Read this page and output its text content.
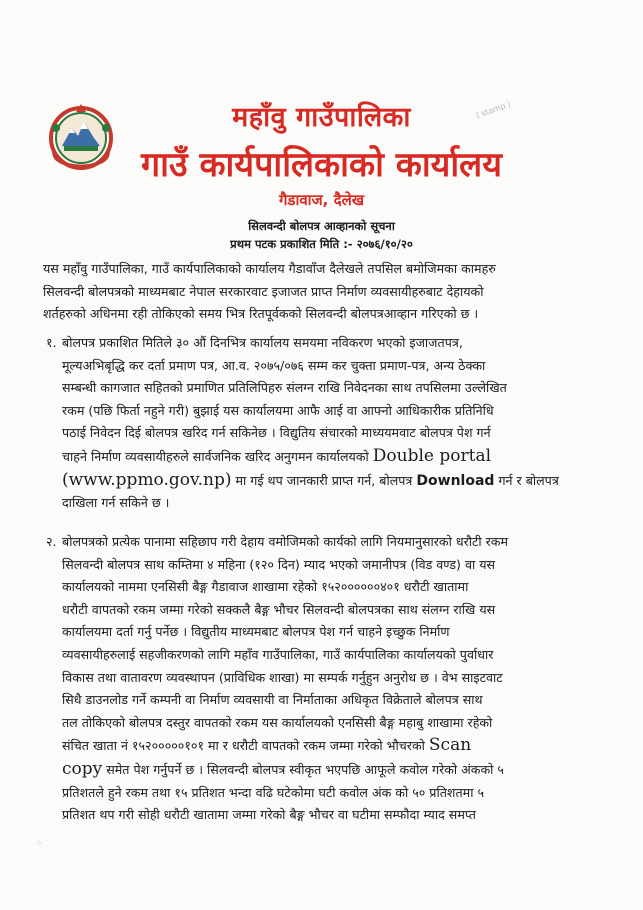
⟨ stamp ⟩
महाँवु गाउँपालिका
गाउँ कार्यपालिकाको कार्यालय
गैडावाज, दैलेख
सिलवन्दी बोलपत्र आव्हानको सूचना
प्रथम पटक प्रकाशित मिति :- २०७६/१०/२०
यस महाँवु गाउँपालिका, गाउँ कार्यपालिकाको कार्यालय गैडावाँज दैलेखले तपसिल बमोजिमका कामहरु
सिलवन्दी बोलपत्रको माध्यमबाट नेपाल सरकारवाट इजाजत प्राप्त निर्माण व्यवसायीहरुबाट देहायको
शर्तहरुको अधिनमा रही तोकिएको समय भित्र रितपूर्वकको सिलवन्दी बोलपत्रआव्हान गरिएको छ ।
१. बोलपत्र प्रकाशित मितिले ३० औं दिनभित्र कार्यालय समयमा नविकरण भएको इजाजतपत्र,
मूल्यअभिबृद्धि कर दर्ता प्रमाण पत्र, आ.व. २०७५/०७६ सम्म कर चुक्ता प्रमाण-पत्र, अन्य ठेक्का
सम्बन्धी कागजात सहितको प्रमाणित प्रतिलिपिहरु संलग्न राखि निवेदनका साथ तपसिलमा उल्लेखित
रकम (पछि फिर्ता नहुने गरी) बुझाई यस कार्यालयमा आफै आई वा आफ्नो आधिकारीक प्रतिनिधि
पठाई निवेदन दिई बोलपत्र खरिद गर्न सकिनेछ । विद्युतिय संचारको माध्ययमवाट बोलपत्र पेश गर्न
चाहने निर्माण व्यवसायीहरुले सार्वजनिक खरिद अनुगमन कार्यालयको Double portal
(www.ppmo.gov.np) मा गई थप जानकारी प्राप्त गर्न, बोलपत्र Download गर्न र बोलपत्र
दाखिला गर्न सकिने छ ।
२. बोलपत्रको प्रत्येक पानामा सहिछाप गरी देहाय वमोजिमको कार्यको लागि नियमानुसारको धरौटी रकम
सिलवन्दी बोलपत्र साथ कम्तिमा ४ महिना (१२० दिन) म्याद भएको जमानीपत्र (विड वण्ड) वा यस
कार्यालयको नाममा एनसिसी बैङ्ग गैडावाज शाखामा रहेको १५२००००००४०१ धरौटी खातामा
धरौटी वापतको रकम जम्मा गरेको सक्कलै बैङ्ग भौचर सिलवन्दी बोलपत्रका साथ संलग्न राखि यस
कार्यालयमा दर्ता गर्नु पर्नेछ । विद्युतीय माध्यमबाट बोलपत्र पेश गर्न चाहने इच्छुक निर्माण
व्यवसायीहरुलाई सहजीकरणको लागि महाँव गाउँपालिका, गाउँ कार्यपालिका कार्यालयको पुर्वाधार
विकास तथा वातावरण व्यवस्थापन (प्राविधिक शाखा) मा सम्पर्क गर्नुहुन अनुरोध छ । वेभ साइटवाट
सिधै डाउनलोड गर्ने कम्पनी वा निर्माण व्यवसायी वा निर्माताका अधिकृत विक्रेताले बोलपत्र साथ
तल तोकिएको बोलपत्र दस्तुर वापतको रकम यस कार्यालयको एनसिसी बैङ्ग महाबु शाखामा रहेको
संचित खाता नं १५२०००००१०१ मा र धरौटी वापतको रकम जम्मा गरेको भौचरको Scan
copy समेत पेश गर्नुपर्ने छ । सिलवन्दी बोलपत्र स्वीकृत भएपछि आफूले कवोल गरेको अंकको ५
प्रतिशतले हुने रकम तथा १५ प्रतिशत भन्दा वढि घटेकोमा घटी कवोल अंक को ५० प्रतिशतमा ५
प्रतिशत थप गरी सोही धरौटी खातामा जम्मा गरेको बैङ्ग भौचर वा घटीमा सम्फौदा म्याद समप्त
⁘
